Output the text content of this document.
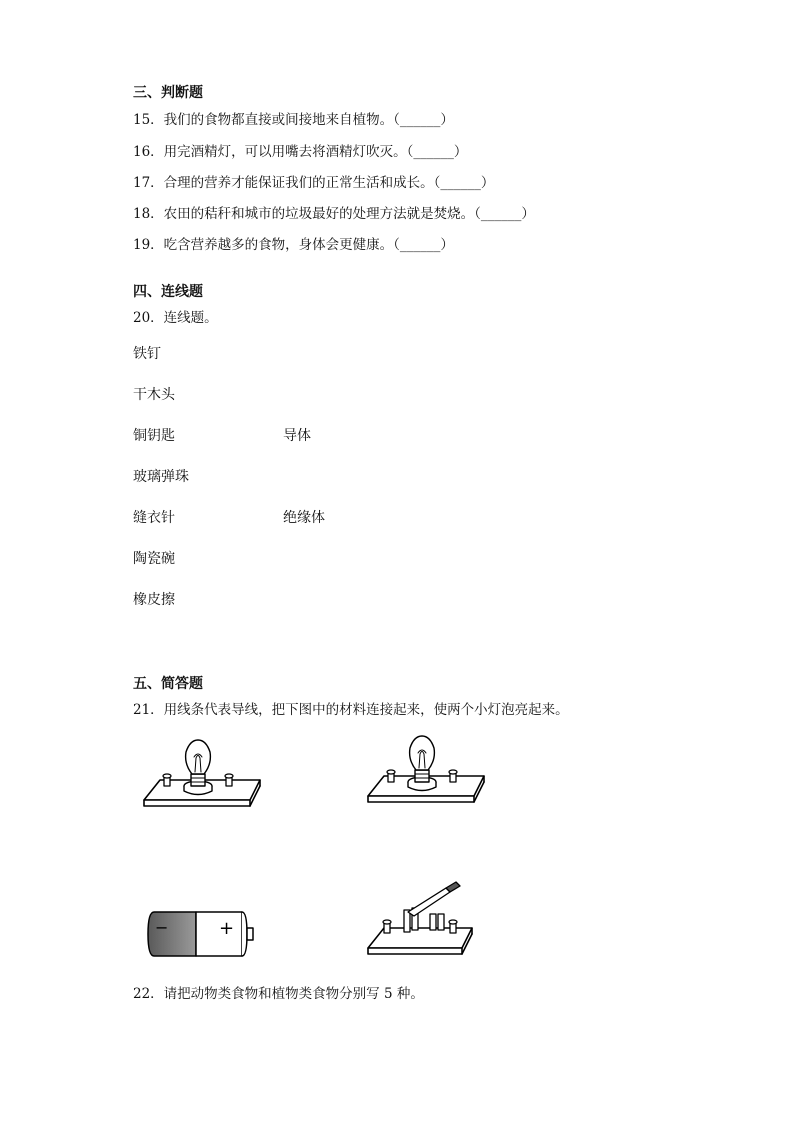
三、判断题
15．我们的食物都直接或间接地来自植物。（______）
16．用完酒精灯，可以用嘴去将酒精灯吹灭。（______）
17．合理的营养才能保证我们的正常生活和成长。（______）
18．农田的秸秆和城市的垃圾最好的处理方法就是焚烧。（______）
19．吃含营养越多的食物，身体会更健康。（______）
四、连线题
20．连线题。
铁钉
干木头
铜钥匙
玻璃弹珠
缝衣针
陶瓷碗
橡皮擦
导体
绝缘体
五、简答题
21．用线条代表导线，把下图中的材料连接起来，使两个小灯泡亮起来。
−	+
22．请把动物类食物和植物类食物分别写 5 种。
